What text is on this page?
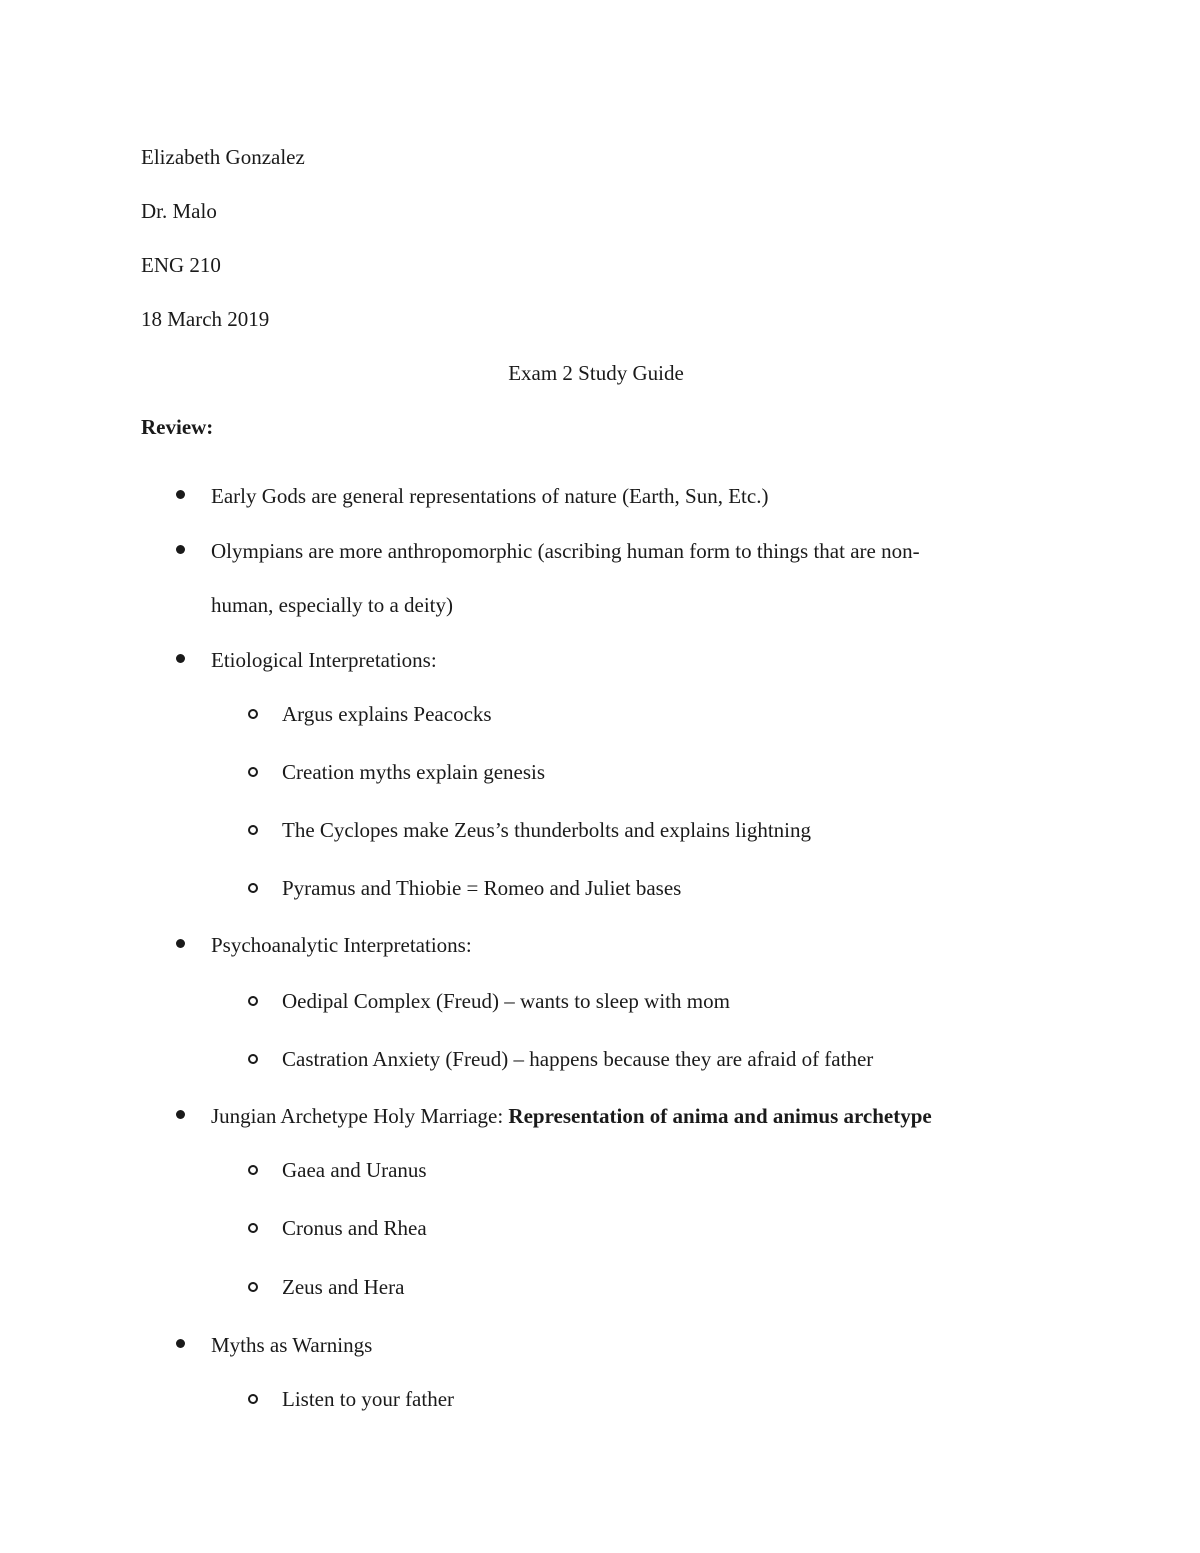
Elizabeth Gonzalez
Dr. Malo
ENG 210
18 March 2019
Exam 2 Study Guide
Review:
Early Gods are general representations of nature (Earth, Sun, Etc.)
Olympians are more anthropomorphic (ascribing human form to things that are non-
human, especially to a deity)
Etiological Interpretations:
Argus explains Peacocks
Creation myths explain genesis
The Cyclopes make Zeus’s thunderbolts and explains lightning
Pyramus and Thiobie = Romeo and Juliet bases
Psychoanalytic Interpretations:
Oedipal Complex (Freud) – wants to sleep with mom
Castration Anxiety (Freud) – happens because they are afraid of father
Jungian Archetype Holy Marriage: Representation of anima and animus archetype
Gaea and Uranus
Cronus and Rhea
Zeus and Hera
Myths as Warnings
Listen to your father
